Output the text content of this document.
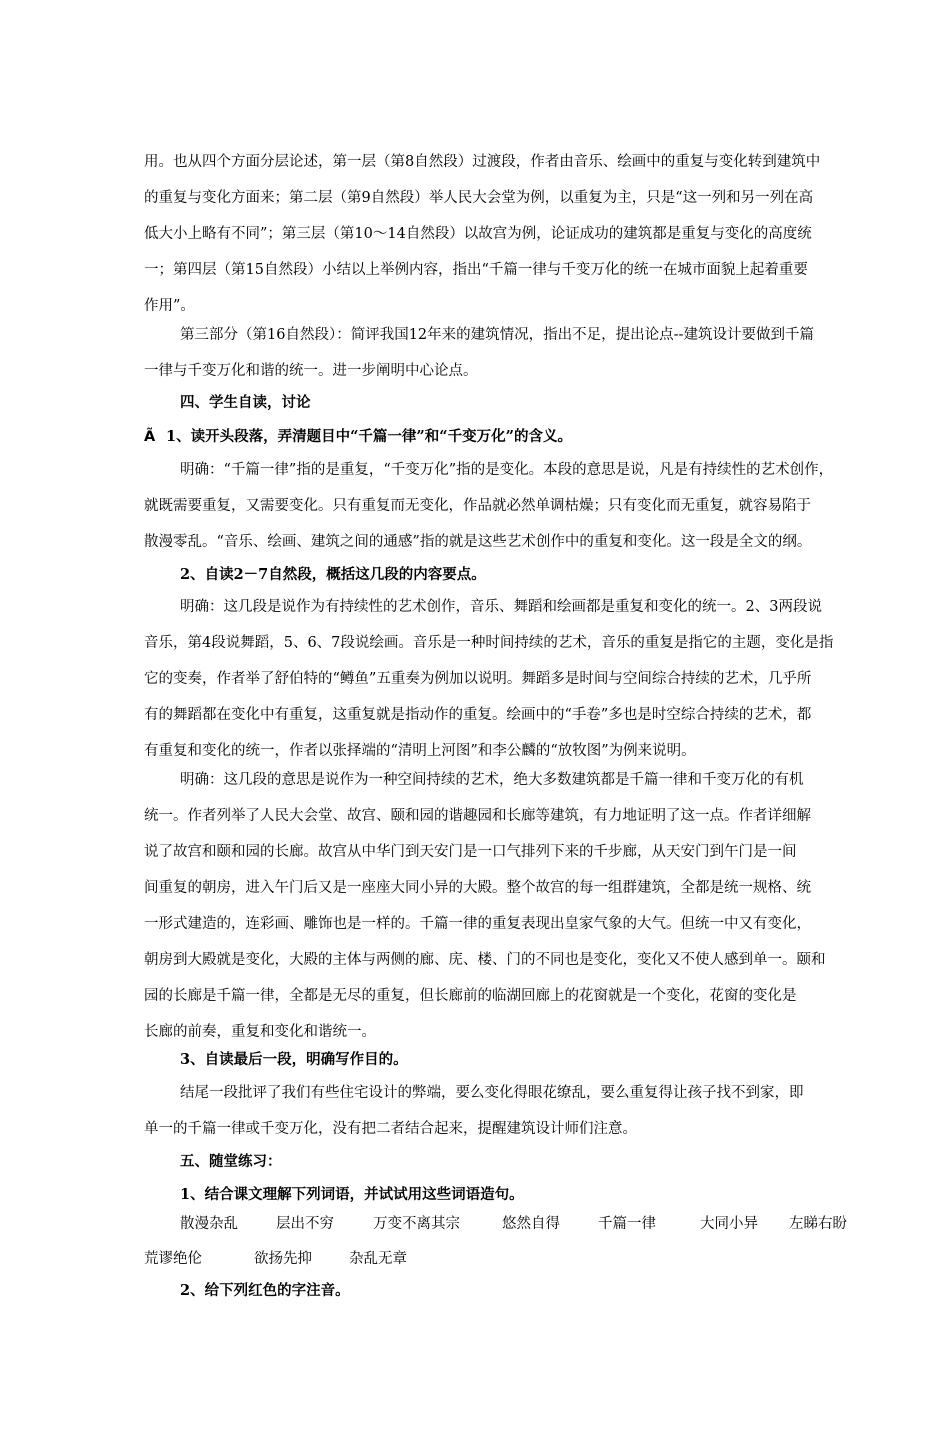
用。也从四个方面分层论述，第一层（第8自然段）过渡段，作者由音乐、绘画中的重复与变化转到建筑中
的重复与变化方面来；第二层（第9自然段）举人民大会堂为例，以重复为主，只是“这一列和另一列在高
低大小上略有不同”；第三层（第10～14自然段）以故宫为例，论证成功的建筑都是重复与变化的高度统
一；第四层（第15自然段）小结以上举例内容，指出“千篇一律与千变万化的统一在城市面貌上起着重要
作用”。
第三部分（第16自然段）：简评我国12年来的建筑情况，指出不足，提出论点--建筑设计要做到千篇
一律与千变万化和谐的统一。进一步阐明中心论点。
四、学生自读，讨论
Ã 1、读开头段落，弄清题目中“千篇一律”和“千变万化”的含义。
明确：“千篇一律”指的是重复，“千变万化”指的是变化。本段的意思是说，凡是有持续性的艺术创作，
就既需要重复，又需要变化。只有重复而无变化，作品就必然单调枯燥；只有变化而无重复，就容易陷于
散漫零乱。“音乐、绘画、建筑之间的通感”指的就是这些艺术创作中的重复和变化。这一段是全文的纲。
2、自读2－7自然段，概括这几段的内容要点。
明确：这几段是说作为有持续性的艺术创作，音乐、舞蹈和绘画都是重复和变化的统一。2、3两段说
音乐，第4段说舞蹈，5、6、7段说绘画。音乐是一种时间持续的艺术，音乐的重复是指它的主题，变化是指
它的变奏，作者举了舒伯特的“鳟鱼”五重奏为例加以说明。舞蹈多是时间与空间综合持续的艺术，几乎所
有的舞蹈都在变化中有重复，这重复就是指动作的重复。绘画中的“手卷”多也是时空综合持续的艺术，都
有重复和变化的统一，作者以张择端的“清明上河图”和李公麟的“放牧图”为例来说明。
明确：这几段的意思是说作为一种空间持续的艺术，绝大多数建筑都是千篇一律和千变万化的有机
统一。作者列举了人民大会堂、故宫、颐和园的谐趣园和长廊等建筑，有力地证明了这一点。作者详细解
说了故宫和颐和园的长廊。故宫从中华门到天安门是一口气排列下来的千步廊，从天安门到午门是一间
间重复的朝房，进入午门后又是一座座大同小异的大殿。整个故宫的每一组群建筑，全都是统一规格、统
一形式建造的，连彩画、雕饰也是一样的。千篇一律的重复表现出皇家气象的大气。但统一中又有变化，
朝房到大殿就是变化，大殿的主体与两侧的廊、庑、楼、门的不同也是变化，变化又不使人感到单一。颐和
园的长廊是千篇一律，全都是无尽的重复，但长廊前的临湖回廊上的花窗就是一个变化，花窗的变化是
长廊的前奏，重复和变化和谐统一。
3、自读最后一段，明确写作目的。
结尾一段批评了我们有些住宅设计的弊端，要么变化得眼花缭乱，要么重复得让孩子找不到家，即
单一的千篇一律或千变万化，没有把二者结合起来，提醒建筑设计师们注意。
五、随堂练习：
1、结合课文理解下列词语，并试试用这些词语造句。
散漫杂乱	层出不穷	万变不离其宗	悠然自得	千篇一律	大同小异 左睇右盼
荒谬绝伦	欲扬先抑	杂乱无章
2、给下列红色的字注音。
